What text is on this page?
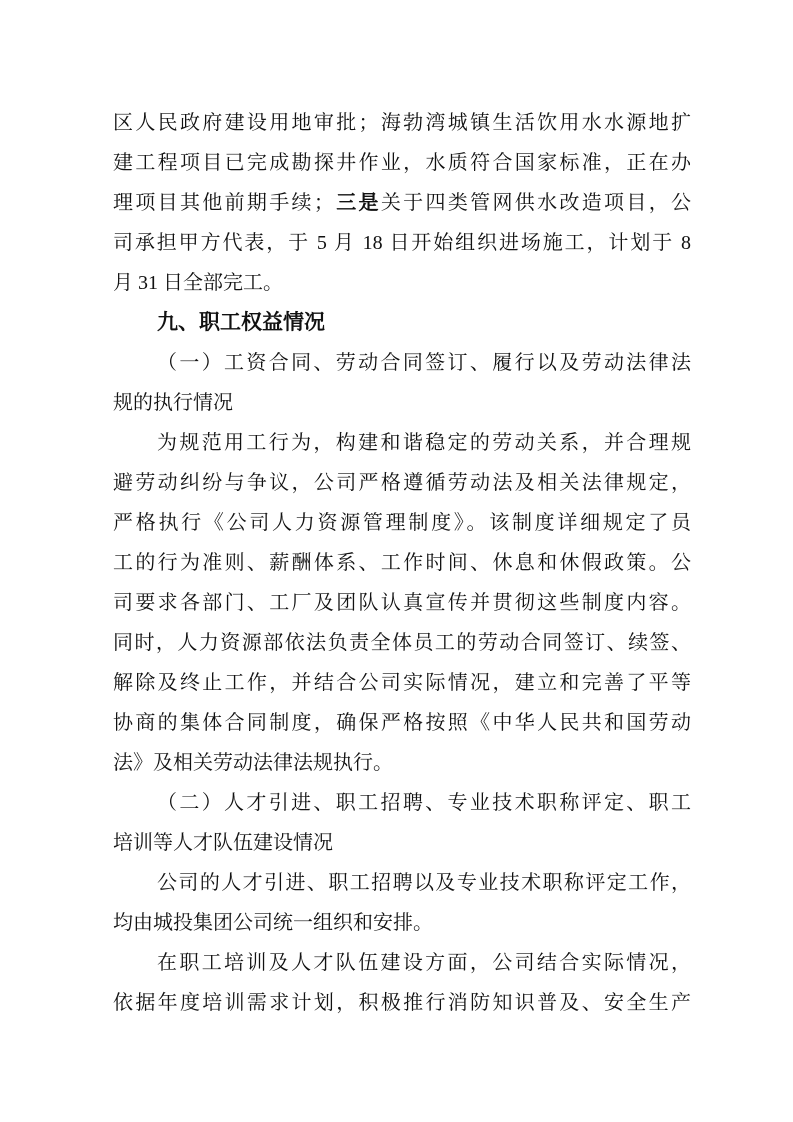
区人民政府建设用地审批；海勃湾城镇生活饮用水水源地扩
建工程项目已完成勘探井作业，水质符合国家标准，正在办
理项目其他前期手续；三是关于四类管网供水改造项目，公
司承担甲方代表，于 5 月 18 日开始组织进场施工，计划于 8
月 31 日全部完工。
九、职工权益情况
（一）工资合同、劳动合同签订、履行以及劳动法律法
规的执行情况
为规范用工行为，构建和谐稳定的劳动关系，并合理规
避劳动纠纷与争议，公司严格遵循劳动法及相关法律规定，
严格执行《公司人力资源管理制度》。该制度详细规定了员
工的行为准则、薪酬体系、工作时间、休息和休假政策。公
司要求各部门、工厂及团队认真宣传并贯彻这些制度内容。
同时，人力资源部依法负责全体员工的劳动合同签订、续签、
解除及终止工作，并结合公司实际情况，建立和完善了平等
协商的集体合同制度，确保严格按照《中华人民共和国劳动
法》及相关劳动法律法规执行。
（二）人才引进、职工招聘、专业技术职称评定、职工
培训等人才队伍建设情况
公司的人才引进、职工招聘以及专业技术职称评定工作，
均由城投集团公司统一组织和安排。
在职工培训及人才队伍建设方面，公司结合实际情况，
依据年度培训需求计划，积极推行消防知识普及、安全生产
